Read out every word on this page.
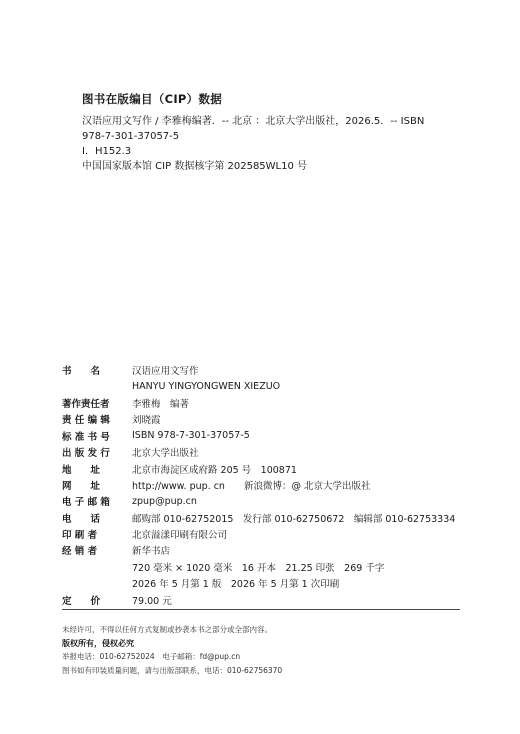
图书在版编目（CIP）数据
汉语应用文写作 / 李雅梅编著．-- 北京 ：北京大学出版社，2026.5．-- ISBN
978-7-301-37057-5
Ⅰ．H152.3
中国国家版本馆 CIP 数据核字第 202585WL10 号
书　　名	汉语应用文写作
HANYU YINGYONGWEN XIEZUO
著作责任者	李雅梅　编著
责 任 编 辑	刘晓霞
标 准 书 号	ISBN 978-7-301-37057-5
出 版 发 行	北京大学出版社
地　　址	北京市海淀区成府路 205 号　100871
网　　址	http://www. pup. cn　　新浪微博：@ 北京大学出版社
电 子 邮 箱	zpup@pup.cn
电　　话	邮购部 010-62752015　发行部 010-62750672　编辑部 010-62753334
印 刷 者	北京溢漾印刷有限公司
经 销 者	新华书店
720 毫米 × 1020 毫米　16 开本　21.25 印张　269 千字
2026 年 5 月第 1 版　2026 年 5 月第 1 次印刷
定　　价	79.00 元
未经许可，不得以任何方式复制或抄袭本书之部分或全部内容。
版权所有，侵权必究
举报电话：010-62752024　电子邮箱：fd@pup.cn
图书如有印装质量问题，请与出版部联系，电话：010-62756370
